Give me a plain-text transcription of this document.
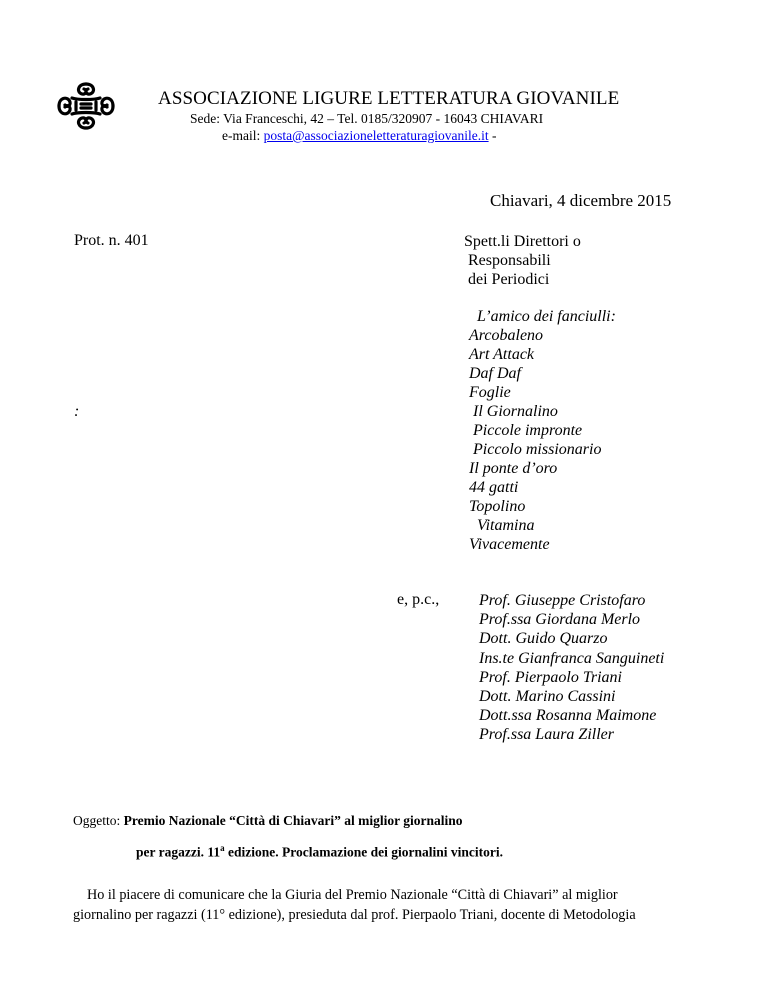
ASSOCIAZIONE LIGURE LETTERATURA GIOVANILE
Sede: Via Franceschi, 42 – Tel. 0185/320907 - 16043 CHIAVARI
e-mail: posta@associazioneletteraturagiovanile.it -
Chiavari, 4 dicembre 2015
Prot. n. 401	Spett.li Direttori o
Responsabili
dei Periodici
:
L’amico dei fanciulli:
Arcobaleno
Art Attack
Daf Daf
Foglie
Il Giornalino
Piccole impronte
Piccolo missionario
Il ponte d’oro
44 gatti
Topolino
Vitamina
Vivacemente
e, p.c., Prof. Giuseppe Cristofaro
Prof.ssa Giordana Merlo
Dott. Guido Quarzo
Ins.te Gianfranca Sanguineti
Prof. Pierpaolo Triani
Dott. Marino Cassini
Dott.ssa Rosanna Maimone
Prof.ssa Laura Ziller
Oggetto: Premio Nazionale “Città di Chiavari” al miglior giornalino
per ragazzi. 11$^a$ edizione. Proclamazione dei giornalini vincitori.
Ho il piacere di comunicare che la Giuria del Premio Nazionale “Città di Chiavari” al miglior
giornalino per ragazzi (11° edizione), presieduta dal prof. Pierpaolo Triani, docente di Metodologia
